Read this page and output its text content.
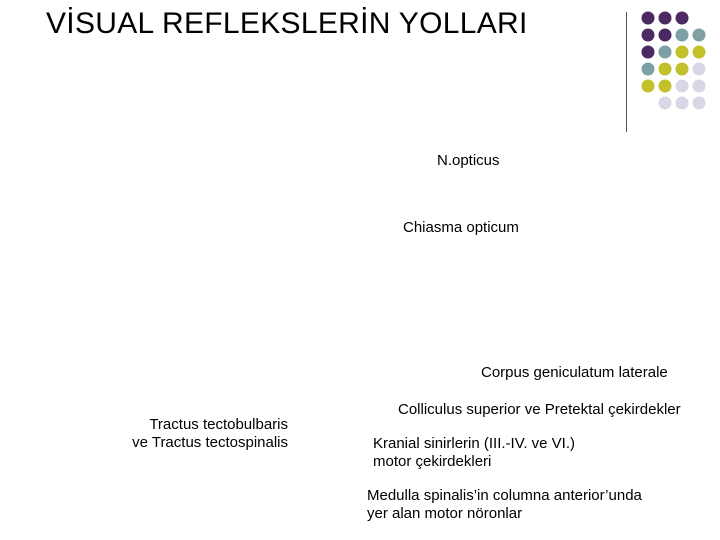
VİSUAL REFLEKSLERİN YOLLARI
N.opticus
Chiasma opticum
Corpus geniculatum laterale
Colliculus superior ve Pretektal çekirdekler
Tractus tectobulbaris
ve Tractus tectospinalis	Kranial sinirlerin (III.-IV. ve VI.)
motor çekirdekleri
Medulla spinalis’in columna anterior’unda
yer alan motor nöronlar
